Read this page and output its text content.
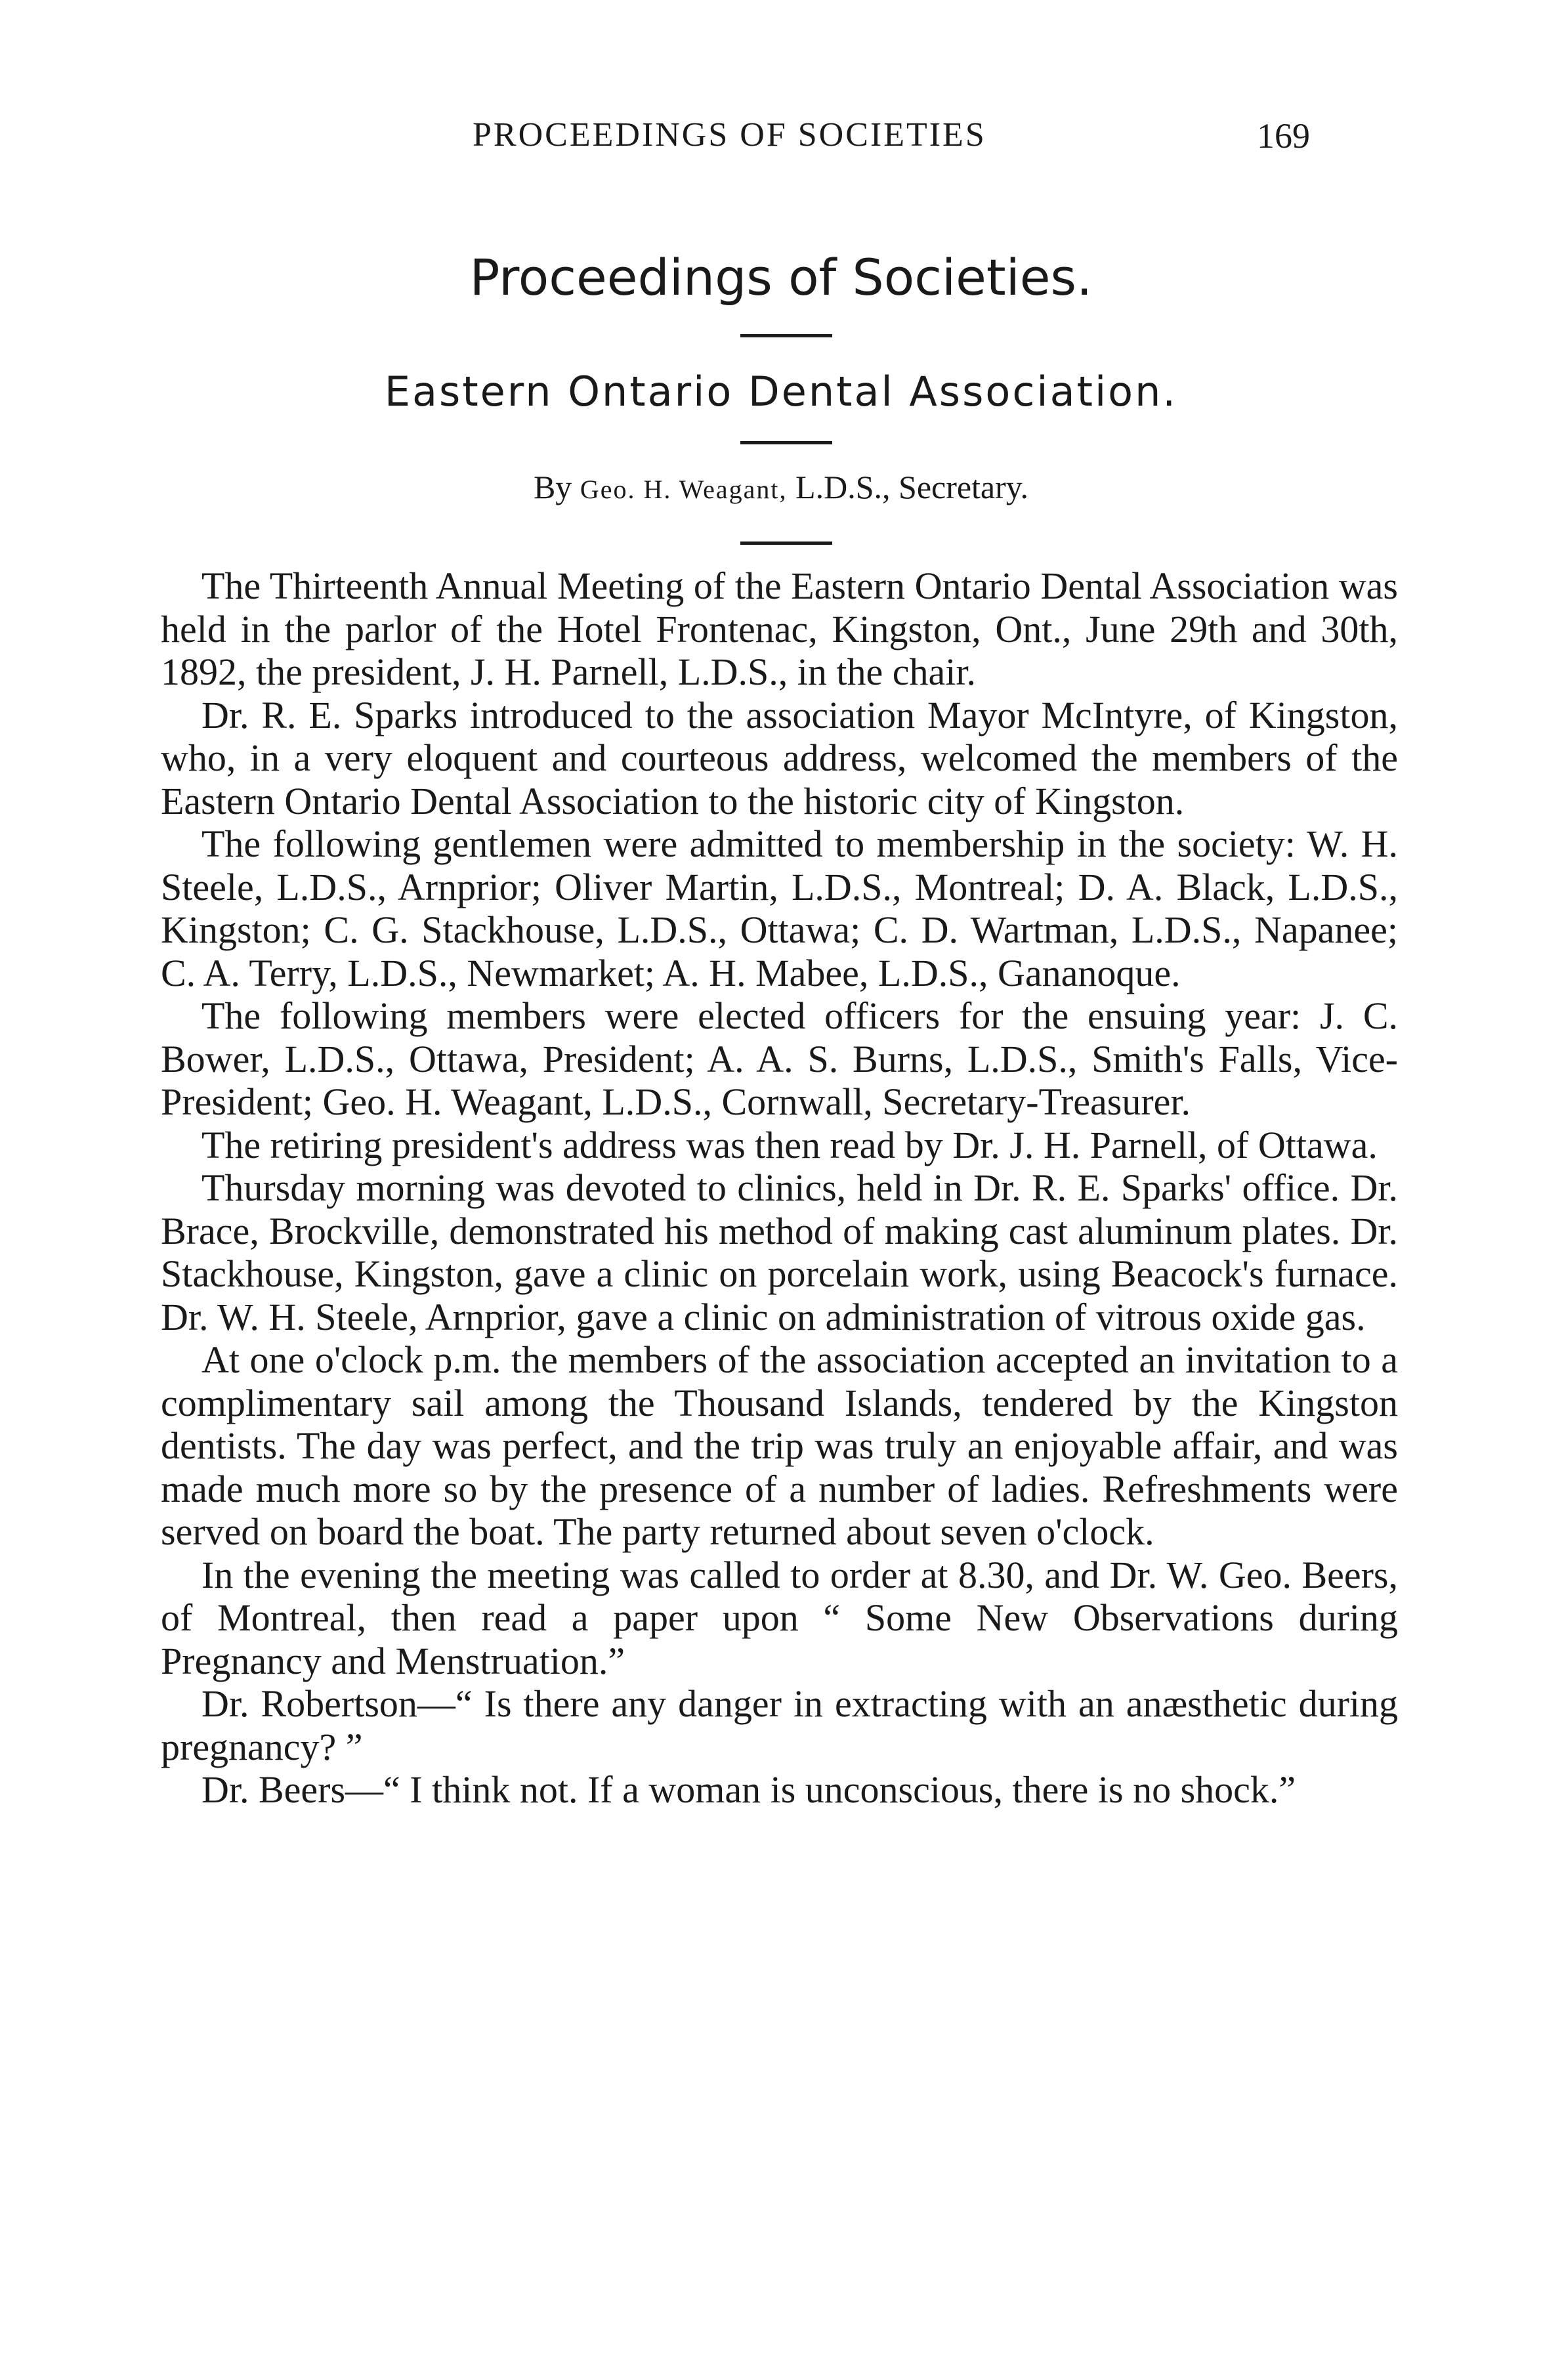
PROCEEDINGS OF SOCIETIES	169
Proceedings of Societies.
Eastern Ontario Dental Association.
By Geo. H. Weagant, L.D.S., Secretary.

The Thirteenth Annual Meeting of the Eastern Ontario Dental Association was held in the parlor of the Hotel Frontenac, Kingston, Ont., June 29th and 30th, 1892, the president, J. H. Parnell, L.D.S., in the chair.

Dr. R. E. Sparks introduced to the association Mayor McIntyre, of Kingston, who, in a very eloquent and courteous address, welcomed the members of the Eastern Ontario Dental Association to the historic city of Kingston.

The following gentlemen were admitted to membership in the society: W. H. Steele, L.D.S., Arnprior; Oliver Martin, L.D.S., Montreal; D. A. Black, L.D.S., Kingston; C. G. Stackhouse, L.D.S., Ottawa; C. D. Wartman, L.D.S., Napanee; C. A. Terry, L.D.S., Newmarket; A. H. Mabee, L.D.S., Gananoque.

The following members were elected officers for the ensuing year: J. C. Bower, L.D.S., Ottawa, President; A. A. S. Burns, L.D.S., Smith's Falls, Vice-President; Geo. H. Weagant, L.D.S., Cornwall, Secretary-Treasurer.

The retiring president's address was then read by Dr. J. H. Parnell, of Ottawa.

Thursday morning was devoted to clinics, held in Dr. R. E. Sparks' office. Dr. Brace, Brockville, demonstrated his method of making cast aluminum plates. Dr. Stackhouse, Kingston, gave a clinic on porcelain work, using Beacock's furnace. Dr. W. H. Steele, Arnprior, gave a clinic on administration of vitrous oxide gas.

At one o'clock p.m. the members of the association accepted an invitation to a complimentary sail among the Thousand Islands, tendered by the Kingston dentists. The day was perfect, and the trip was truly an enjoyable affair, and was made much more so by the presence of a number of ladies. Refreshments were served on board the boat. The party returned about seven o'clock.

In the evening the meeting was called to order at 8.30, and Dr. W. Geo. Beers, of Montreal, then read a paper upon “ Some New Observations during Pregnancy and Menstruation.”

Dr. Robertson—“ Is there any danger in extracting with an anæsthetic during pregnancy? ”

Dr. Beers—“ I think not. If a woman is unconscious, there is no shock.”
